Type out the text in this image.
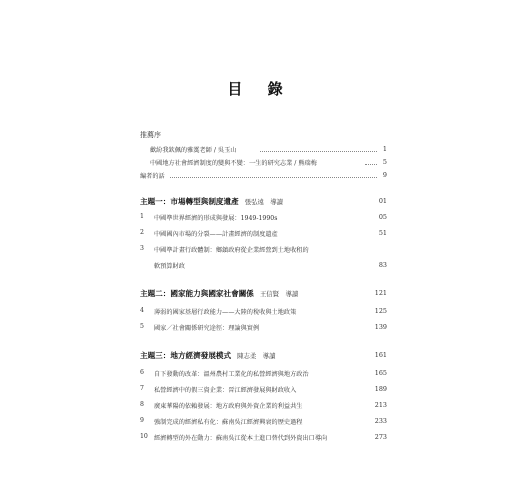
目 錄
推薦序
歡紛我欽佩的雅霙老師 / 吳玉山	1
中國地方社會經濟制度的變與不變：一生的研究志業 / 熊瑞梅	5
編者的話	9
主題一：市場轉型與制度遺產 張弘遠　導讀	01
1 中國準世界經濟的形成與發展：1949-1990s	05
2 中國國內市場的分裂——計畫經濟的制度遺產	51
3 中國準計畫行政體制：鄉鎮政府從企業經營到土地收租的
軟預算財政	83
主題二：國家能力與國家社會關係 王信賢　導讀	121
4 薄弱的國家基層行政能力——大陸的稅收與土地政策	125
5 國家／社會關係研究途徑：理論與實例	139
主題三：地方經濟發展模式 陳志柔　導讀	161
6 自下發動的改革：溫州農村工業化的私營經濟與地方政治	165
7 私營經濟中的假三資企業：晉江經濟發展與財政收入	189
8 廣東華陽的依賴發展：地方政府與外資企業的利益共生	213
9 強制完成的經濟私有化：蘇南吳江經濟興衰的歷史過程	233
10 經濟轉型的外在動力：蘇南吳江從本土進口替代到外資出口導向	273
